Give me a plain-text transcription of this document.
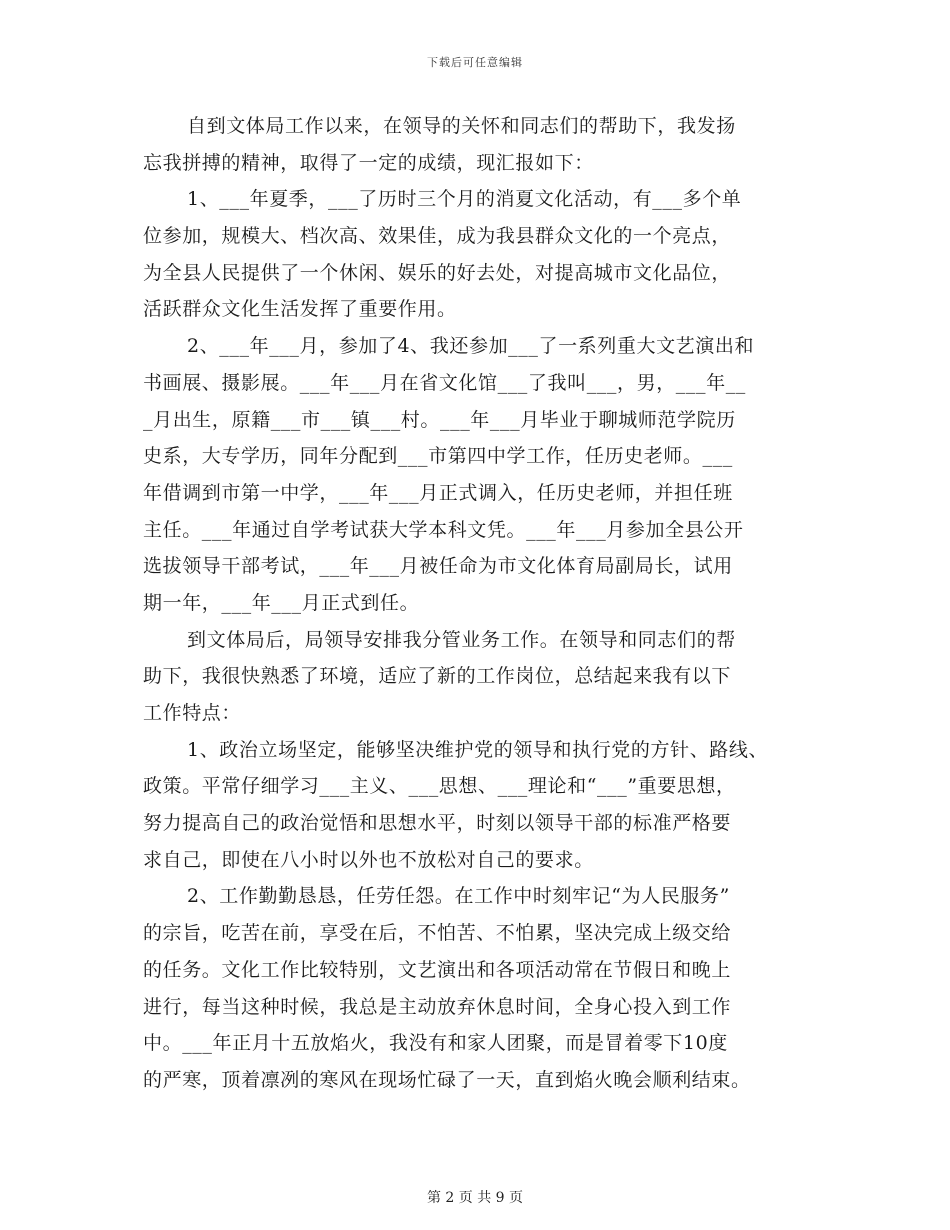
下载后可任意编辑
自到文体局工作以来，在领导的关怀和同志们的帮助下，我发扬
忘我拼搏的精神，取得了一定的成绩，现汇报如下：
1、___年夏季，___了历时三个月的消夏文化活动，有___多个单
位参加，规模大、档次高、效果佳，成为我县群众文化的一个亮点，
为全县人民提供了一个休闲、娱乐的好去处，对提高城市文化品位，
活跃群众文化生活发挥了重要作用。
2、___年___月，参加了4、我还参加___了一系列重大文艺演出和
书画展、摄影展。___年___月在省文化馆___了我叫___，男，___年__
_月出生，原籍___市___镇___村。___年___月毕业于聊城师范学院历
史系，大专学历，同年分配到___市第四中学工作，任历史老师。___
年借调到市第一中学，___年___月正式调入，任历史老师，并担任班
主任。___年通过自学考试获大学本科文凭。___年___月参加全县公开
选拔领导干部考试，___年___月被任命为市文化体育局副局长，试用
期一年，___年___月正式到任。
到文体局后，局领导安排我分管业务工作。在领导和同志们的帮
助下，我很快熟悉了环境，适应了新的工作岗位，总结起来我有以下
工作特点：
1、政治立场坚定，能够坚决维护党的领导和执行党的方针、路线、
政策。平常仔细学习___主义、___思想、___理论和“___”重要思想，
努力提高自己的政治觉悟和思想水平，时刻以领导干部的标准严格要
求自己，即使在八小时以外也不放松对自己的要求。
2、工作勤勤恳恳，任劳任怨。在工作中时刻牢记“为人民服务”
的宗旨，吃苦在前，享受在后，不怕苦、不怕累，坚决完成上级交给
的任务。文化工作比较特别，文艺演出和各项活动常在节假日和晚上
进行，每当这种时候，我总是主动放弃休息时间，全身心投入到工作
中。___年正月十五放焰火，我没有和家人团聚，而是冒着零下10度
的严寒，顶着凛冽的寒风在现场忙碌了一天，直到焰火晚会顺利结束。
第 2 页 共 9 页
